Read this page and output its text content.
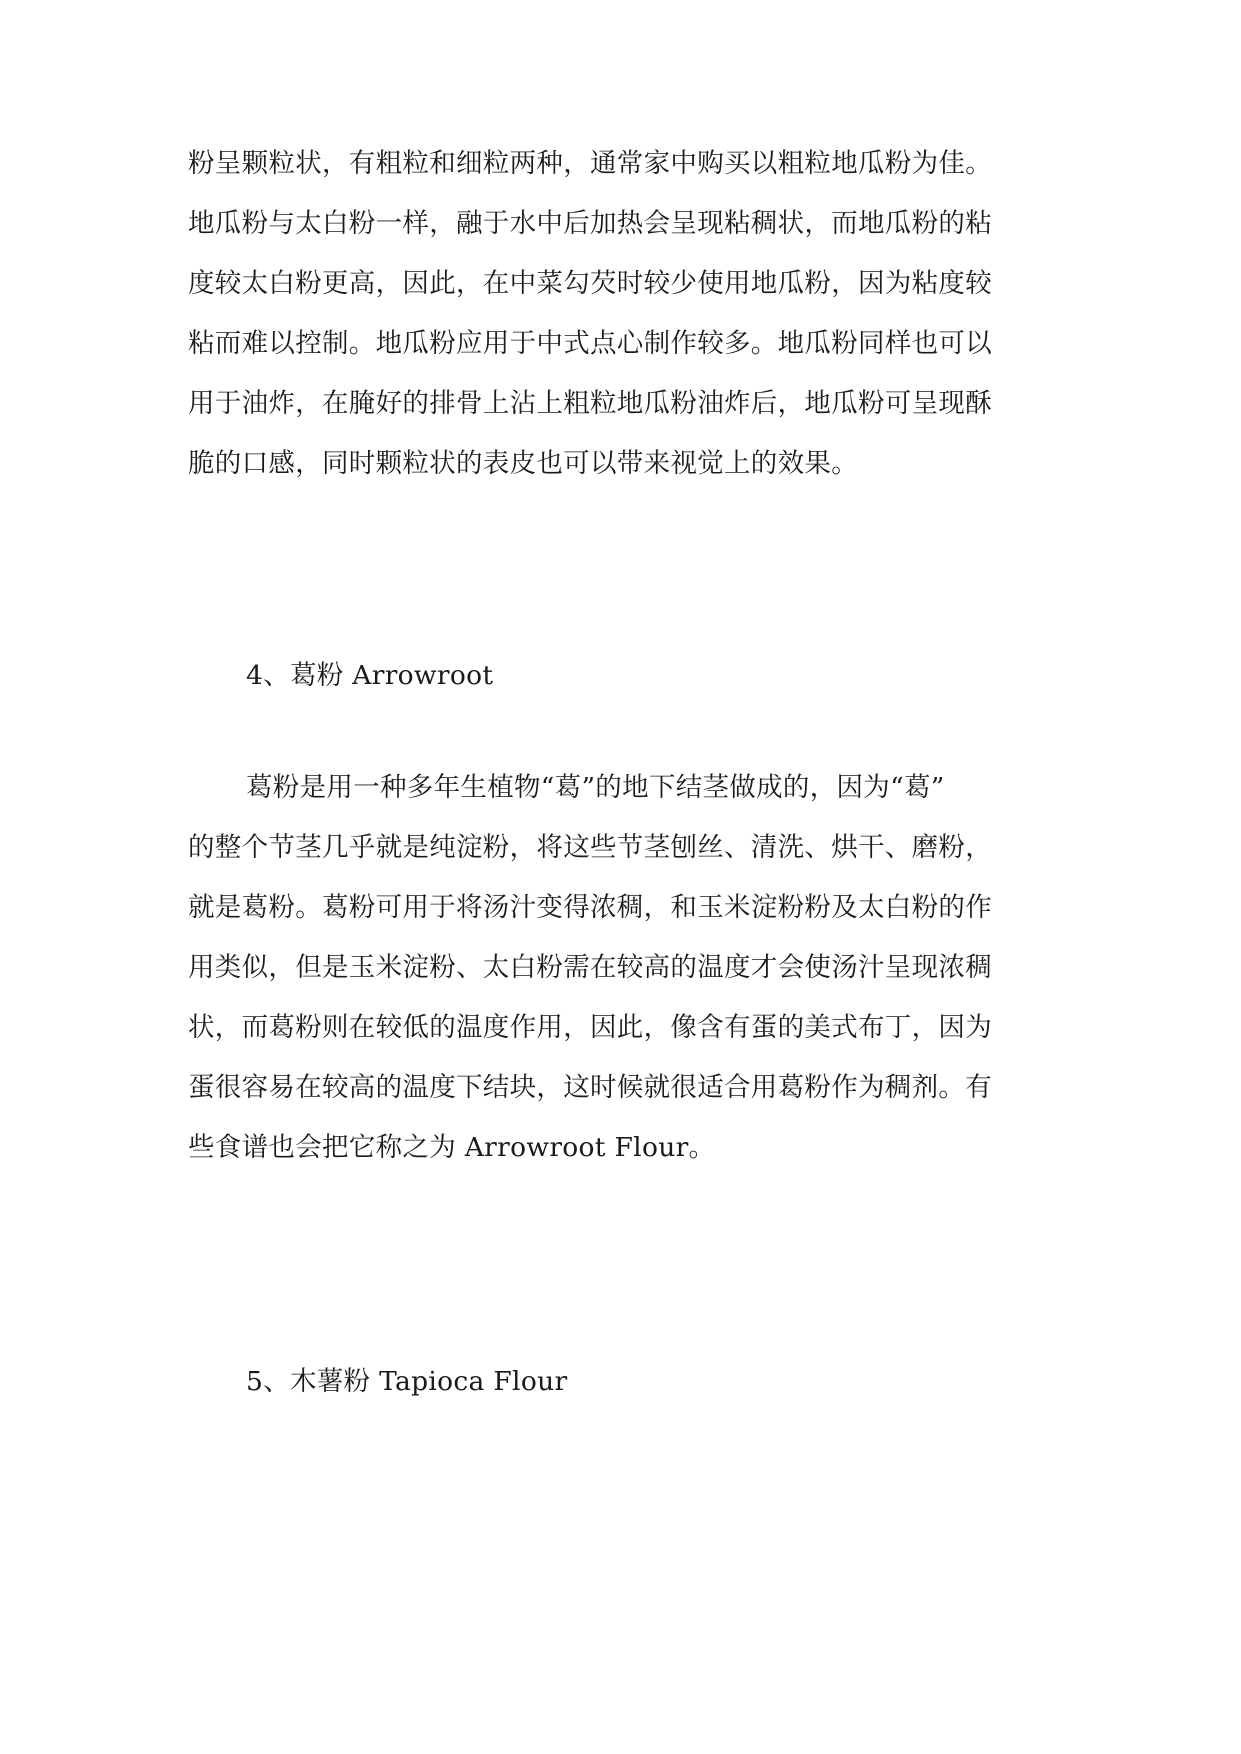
粉呈颗粒状，有粗粒和细粒两种，通常家中购买以粗粒地瓜粉为佳。
地瓜粉与太白粉一样，融于水中后加热会呈现粘稠状，而地瓜粉的粘
度较太白粉更高，因此，在中菜勾芡时较少使用地瓜粉，因为粘度较
粘而难以控制。地瓜粉应用于中式点心制作较多。地瓜粉同样也可以
用于油炸，在腌好的排骨上沾上粗粒地瓜粉油炸后，地瓜粉可呈现酥
脆的口感，同时颗粒状的表皮也可以带来视觉上的效果。
4、葛粉 Arrowroot
葛粉是用一种多年生植物“葛”的地下结茎做成的，因为“葛”
的整个节茎几乎就是纯淀粉，将这些节茎刨丝、清洗、烘干、磨粉，
就是葛粉。葛粉可用于将汤汁变得浓稠，和玉米淀粉粉及太白粉的作
用类似，但是玉米淀粉、太白粉需在较高的温度才会使汤汁呈现浓稠
状，而葛粉则在较低的温度作用，因此，像含有蛋的美式布丁，因为
蛋很容易在较高的温度下结块，这时候就很适合用葛粉作为稠剂。有
些食谱也会把它称之为 Arrowroot Flour。
5、木薯粉 Tapioca Flour
